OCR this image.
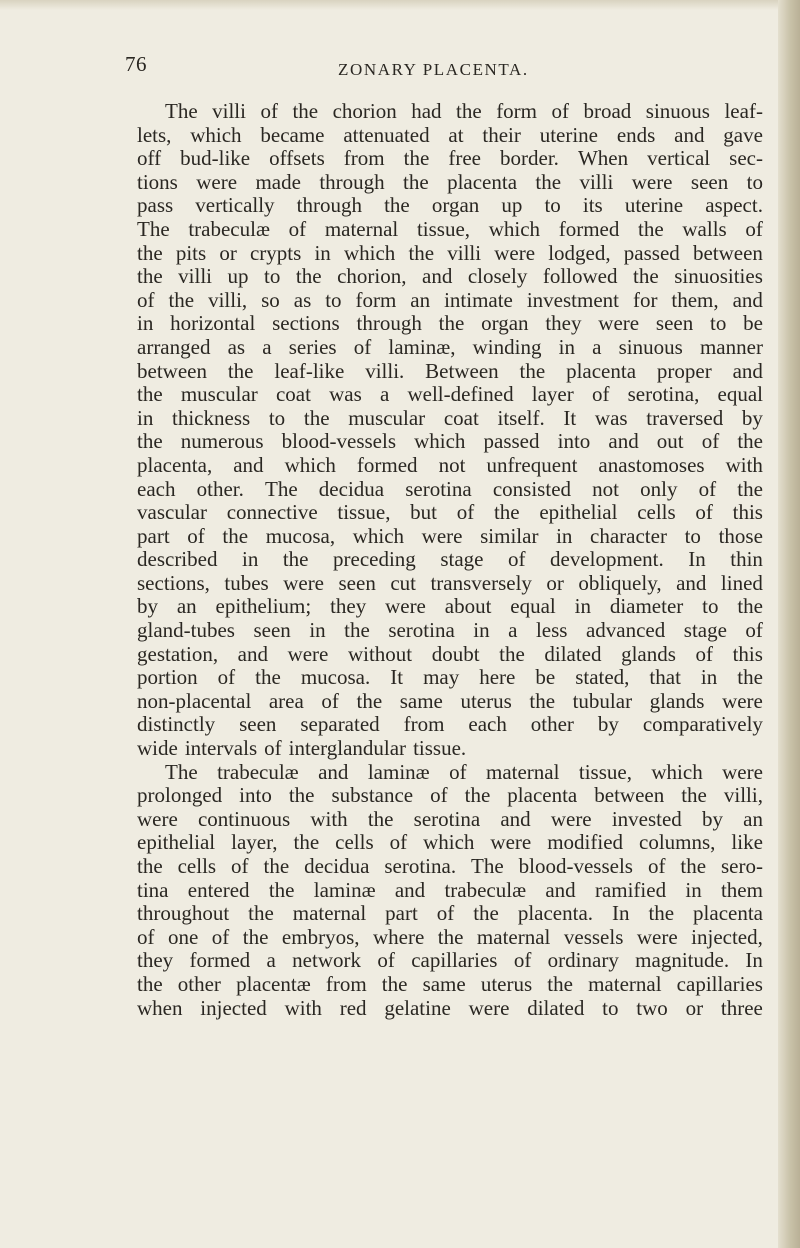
76	ZONARY PLACENTA.
The villi of the chorion had the form of broad sinuous leaf-
lets, which became attenuated at their uterine ends and gave
off bud-like offsets from the free border. When vertical sec-
tions were made through the placenta the villi were seen to
pass vertically through the organ up to its uterine aspect.
The trabeculæ of maternal tissue, which formed the walls of
the pits or crypts in which the villi were lodged, passed between
the villi up to the chorion, and closely followed the sinuosities
of the villi, so as to form an intimate investment for them, and
in horizontal sections through the organ they were seen to be
arranged as a series of laminæ, winding in a sinuous manner
between the leaf-like villi. Between the placenta proper and
the muscular coat was a well-defined layer of serotina, equal
in thickness to the muscular coat itself. It was traversed by
the numerous blood-vessels which passed into and out of the
placenta, and which formed not unfrequent anastomoses with
each other. The decidua serotina consisted not only of the
vascular connective tissue, but of the epithelial cells of this
part of the mucosa, which were similar in character to those
described in the preceding stage of development. In thin
sections, tubes were seen cut transversely or obliquely, and lined
by an epithelium; they were about equal in diameter to the
gland-tubes seen in the serotina in a less advanced stage of
gestation, and were without doubt the dilated glands of this
portion of the mucosa. It may here be stated, that in the
non-placental area of the same uterus the tubular glands were
distinctly seen separated from each other by comparatively
wide intervals of interglandular tissue.
The trabeculæ and laminæ of maternal tissue, which were
prolonged into the substance of the placenta between the villi,
were continuous with the serotina and were invested by an
epithelial layer, the cells of which were modified columns, like
the cells of the decidua serotina. The blood-vessels of the sero-
tina entered the laminæ and trabeculæ and ramified in them
throughout the maternal part of the placenta. In the placenta
of one of the embryos, where the maternal vessels were injected,
they formed a network of capillaries of ordinary magnitude. In
the other placentæ from the same uterus the maternal capillaries
when injected with red gelatine were dilated to two or three
